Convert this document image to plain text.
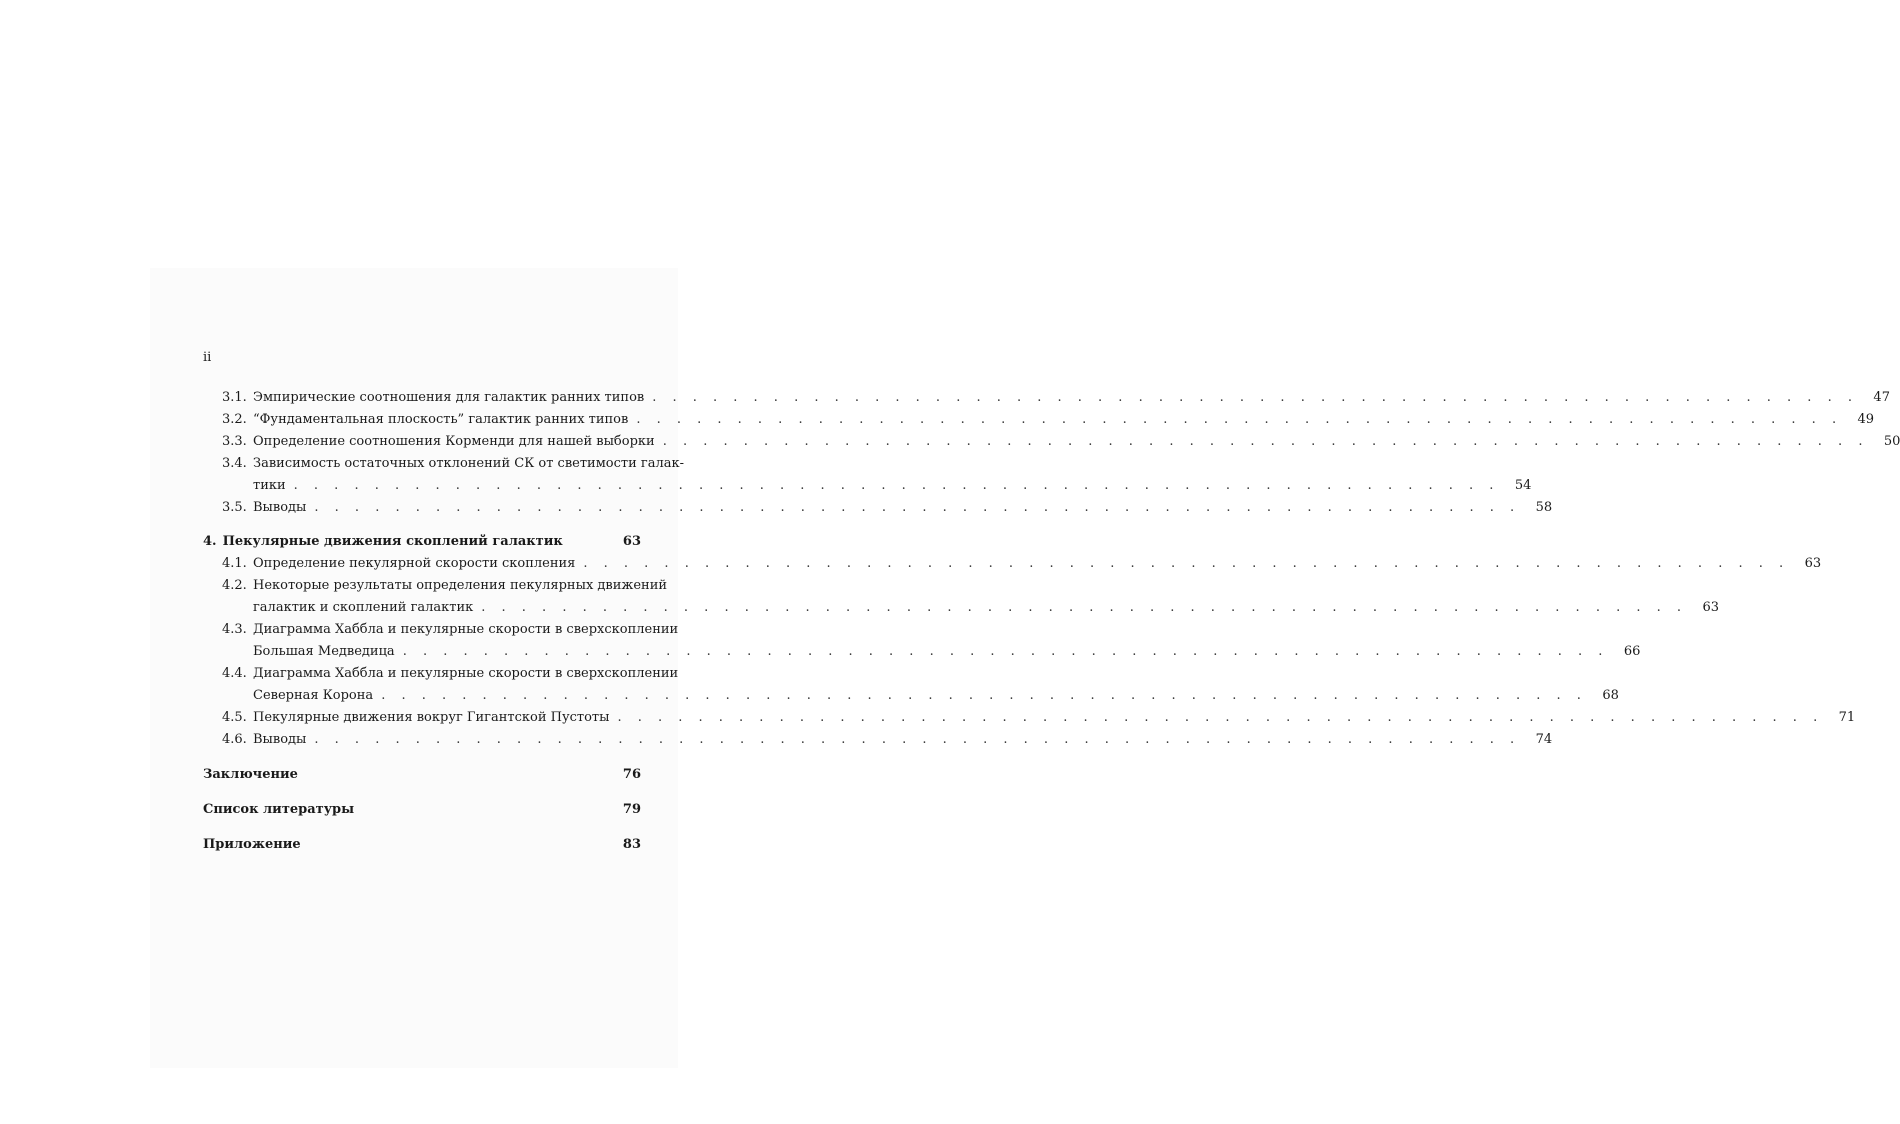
ii
3.1. Эмпирические соотношения для галактик ранних типов . . .	47
3.2. “Фундаментальная плоскость” галактик ранних типов . . .	49
3.3. Определение соотношения Корменди для нашей выборки . . .	50
3.4. Зависимость остаточных отклонений СК от светимости галак-
тики . . .	54
3.5. Выводы . . .	58
4. Пекулярные движения скоплений галактик	63
4.1. Определение пекулярной скорости скопления . . .	63
4.2. Некоторые результаты определения пекулярных движений
галактик и скоплений галактик . . .	63
4.3. Диаграмма Хаббла и пекулярные скорости в сверхскоплении
Большая Медведица . . .	66
4.4. Диаграмма Хаббла и пекулярные скорости в сверхскоплении
Северная Корона . . .	68
4.5. Пекулярные движения вокруг Гигантской Пустоты . . .	71
4.6. Выводы . . .	74
Заключение	76
Список литературы	79
Приложение	83
